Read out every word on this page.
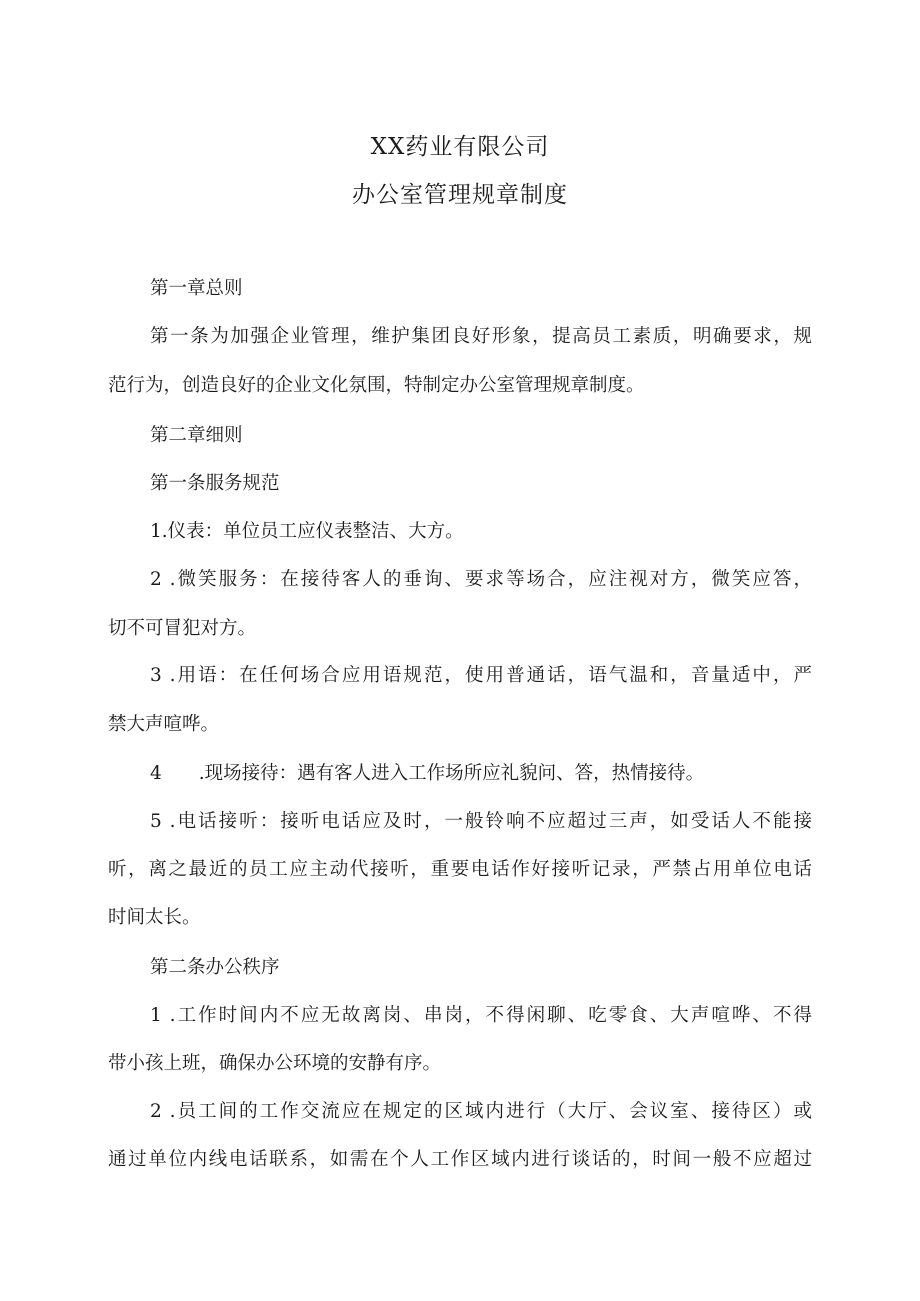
XX药业有限公司
办公室管理规章制度
第一章总则
第一条为加强企业管理，维护集团良好形象，提高员工素质，明确要求，规
范行为，创造良好的企业文化氛围，特制定办公室管理规章制度。
第二章细则
第一条服务规范
1.仪表：单位员工应仪表整洁、大方。
2 .微笑服务：在接待客人的垂询、要求等场合，应注视对方，微笑应答，
切不可冒犯对方。
3 .用语：在任何场合应用语规范，使用普通话，语气温和，音量适中，严
禁大声喧哗。
4　　.现场接待：遇有客人进入工作场所应礼貌问、答，热情接待。
5 .电话接听：接听电话应及时，一般铃响不应超过三声，如受话人不能接
听，离之最近的员工应主动代接听，重要电话作好接听记录，严禁占用单位电话
时间太长。
第二条办公秩序
1 .工作时间内不应无故离岗、串岗，不得闲聊、吃零食、大声喧哗、不得
带小孩上班，确保办公环境的安静有序。
2 .员工间的工作交流应在规定的区域内进行（大厅、会议室、接待区）或
通过单位内线电话联系，如需在个人工作区域内进行谈话的，时间一般不应超过
